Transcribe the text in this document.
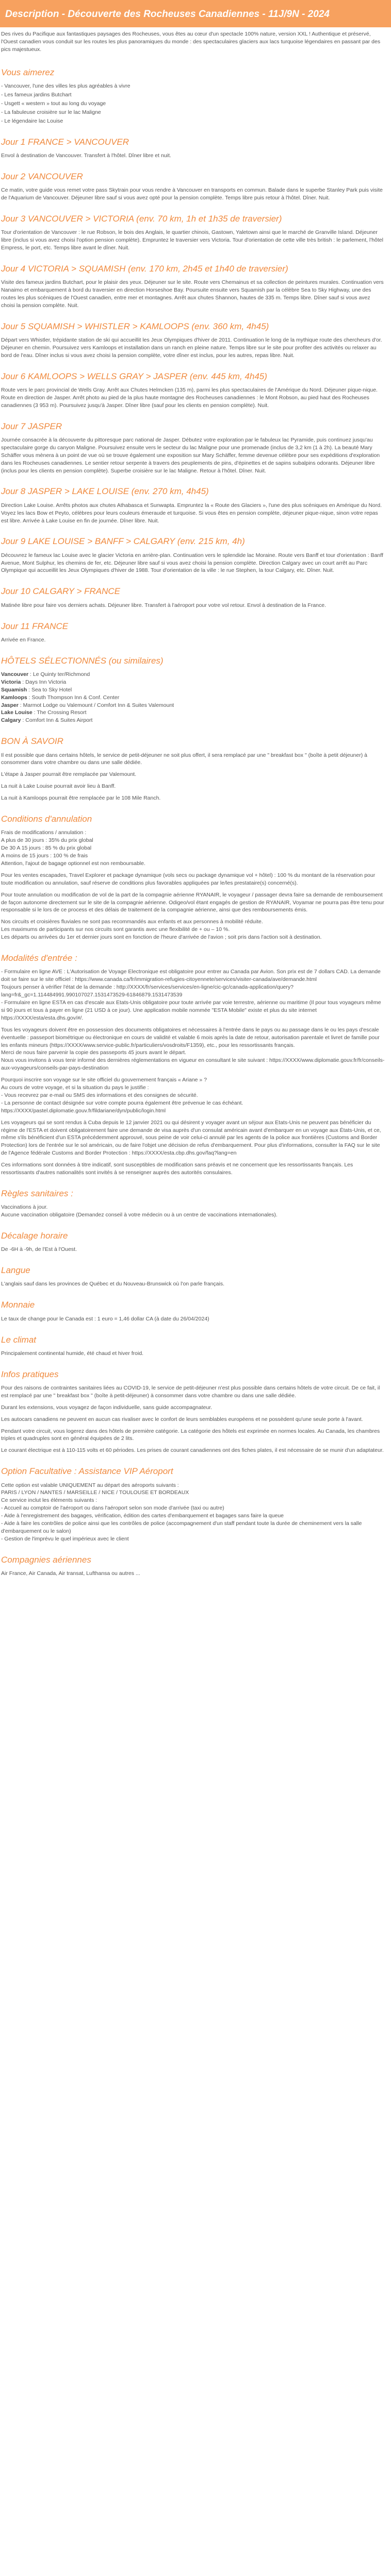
Description - Découverte des Rocheuses Canadiennes - 11J/9N - 2024

Des rives du Pacifique aux fantastiques paysages des Rocheuses, vous êtes au cœur d'un spectacle 100% nature, version XXL ! Authentique et préservé, l'Ouest canadien vous conduit sur les routes les plus panoramiques du monde : des spectaculaires glaciers aux lacs turquoise légendaires en passant par des pics majestueux.

Vous aimerez
- Vancouver, l'une des villes les plus agréables à vivre
- Les fameux jardins Butchart
- Usgett « western » tout au long du voyage
- La fabuleuse croisière sur le lac Maligne
- Le légendaire lac Louise
Jour 1 FRANCE > VANCOUVER

Envol à destination de Vancouver. Transfert à l'hôtel. Dîner libre et nuit.

Jour 2 VANCOUVER

Ce matin, votre guide vous remet votre pass Skytrain pour vous rendre à Vancouver en transports en commun. Balade dans le superbe Stanley Park puis visite de l'Aquarium de Vancouver. Déjeuner libre sauf si vous avez opté pour la pension complète. Temps libre puis retour à l'hôtel. Dîner. Nuit.

Jour 3 VANCOUVER > VICTORIA (env. 70 km, 1h et 1h35 de traversier)

Tour d'orientation de Vancouver : le rue Robson, le bois des Anglais, le quartier chinois, Gastown, Yaletown ainsi que le marché de Granville Island. Déjeuner libre (inclus si vous avez choisi l'option pension complète). Empruntez le traversier vers Victoria. Tour d'orientation de cette ville très british : le parlement, l'hôtel Empress, le port, etc. Temps libre avant le dîner. Nuit.

Jour 4 VICTORIA > SQUAMISH (env. 170 km, 2h45 et 1h40 de traversier)

Visite des fameux jardins Butchart, pour le plaisir des yeux. Déjeuner sur le site. Route vers Chemainus et sa collection de peintures murales. Continuation vers Nanaimo et embarquement à bord du traversier en direction Horseshoe Bay. Poursuite ensuite vers Squamish par la célèbre Sea to Sky Highway, une des routes les plus scéniques de l'Ouest canadien, entre mer et montagnes. Arrêt aux chutes Shannon, hautes de 335 m. Temps libre. Dîner sauf si vous avez choisi la pension complète. Nuit.

Jour 5 SQUAMISH > WHISTLER > KAMLOOPS (env. 360 km, 4h45)

Départ vers Whistler, trépidante station de ski qui accueillit les Jeux Olympiques d'hiver de 2011. Continuation le long de la mythique route des chercheurs d'or. Déjeuner en chemin. Poursuivez vers Kamloops et installation dans un ranch en pleine nature. Temps libre sur le site pour profiter des activités ou relaxer au bord de l'eau. Dîner inclus si vous avez choisi la pension complète, votre dîner est inclus, pour les autres, repas libre. Nuit.

Jour 6 KAMLOOPS > WELLS GRAY > JASPER (env. 445 km, 4h45)

Route vers le parc provincial de Wells Gray. Arrêt aux Chutes Helmcken (135 m), parmi les plus spectaculaires de l'Amérique du Nord. Déjeuner pique-nique. Route en direction de Jasper. Arrêt photo au pied de la plus haute montagne des Rocheuses canadiennes : le Mont Robson, au pied haut des Rocheuses canadiennes (3 953 m). Poursuivez jusqu'à Jasper. Dîner libre (sauf pour les clients en pension complète). Nuit.

Jour 7 JASPER

Journée consacrée à la découverte du pittoresque parc national de Jasper. Débutez votre exploration par le fabuleux lac Pyramide, puis continuez jusqu'au spectaculaire gorge du canyon Maligne. Poursuivez ensuite vers le secteur du lac Maligne pour une promenade (inclus de 3,2 km (1 à 2h). La beauté Mary Schäffer vous mènera à un point de vue où se trouve également une exposition sur Mary Schäffer, femme devenue célèbre pour ses expéditions d'exploration dans les Rocheuses canadiennes. Le sentier retour serpente à travers des peuplements de pins, d'épinettes et de sapins subalpins odorants. Déjeuner libre (inclus pour les clients en pension complète). Superbe croisière sur le lac Maligne. Retour à l'hôtel. Dîner. Nuit.

Jour 8 JASPER > LAKE LOUISE (env. 270 km, 4h45)

Direction Lake Louise. Arrêts photos aux chutes Athabasca et Sunwapta. Empruntez la « Route des Glaciers », l'une des plus scéniques en Amérique du Nord. Voyez les lacs Bow et Peyto, célèbres pour leurs couleurs émeraude et turquoise. Si vous êtes en pension complète, déjeuner pique-nique, sinon votre repas est libre. Arrivée à Lake Louise en fin de journée. Dîner libre. Nuit.

Jour 9 LAKE LOUISE > BANFF > CALGARY (env. 215 km, 4h)

Découvrez le fameux lac Louise avec le glacier Victoria en arrière-plan. Continuation vers le splendide lac Moraine. Route vers Banff et tour d'orientation : Banff Avenue, Mont Sulphur, les chemins de fer, etc. Déjeuner libre sauf si vous avez choisi la pension complète. Direction Calgary avec un court arrêt au Parc Olympique qui accueillit les Jeux Olympiques d'hiver de 1988. Tour d'orientation de la ville : le rue Stephen, la tour Calgary, etc. Dîner. Nuit.

Jour 10 CALGARY > FRANCE

Matinée libre pour faire vos derniers achats. Déjeuner libre. Transfert à l'aéroport pour votre vol retour. Envol à destination de la France.

Jour 11 FRANCE

Arrivée en France.

HÔTELS SÉLECTIONNÉS (ou similaires)
Vancouver : Le Quinty ter/Richmond
Victoria : Days Inn Victoria
Squamish : Sea to Sky Hotel
Kamloops : South Thompson Inn & Conf. Center
Jasper : Marmot Lodge ou Valemount / Comfort Inn & Suites Valemount
Lake Louise : The Crossing Resort
Calgary : Comfort Inn & Suites Airport
BON À SAVOIR

Il est possible que dans certains hôtels, le service de petit-déjeuner ne soit plus offert, il sera remplacé par une " breakfast box " (boîte à petit déjeuner) à consommer dans votre chambre ou dans une salle dédiée.

L'étape à Jasper pourrait être remplacée par Valemount.

La nuit à Lake Louise pourrait avoir lieu à Banff.

La nuit à Kamloops pourrait être remplacée par le 108 Mile Ranch.

Conditions d'annulation

Frais de modifications / annulation :
A plus de 30 jours : 35% du prix global
De 30 A 15 jours : 85 % du prix global
A moins de 15 jours : 100 % de frais
Attention, l'ajout de bagage optionnel est non remboursable.

Pour les ventes escapades, Travel Explorer et package dynamique (vols secs ou package dynamique vol + hôtel) : 100 % du montant de la réservation pour toute modification ou annulation, sauf réserve de conditions plus favorables appliquées par le/les prestataire(s) concerné(s).

Pour toute annulation ou modification de vol de la part de la compagnie aérienne RYANAIR, le voyageur / passager devra faire sa demande de remboursement de façon autonome directement sur le site de la compagnie aérienne. Odigeo/vol étant engagés de gestion de RYANAIR, Voyamar ne pourra pas être tenu pour responsable si le lors de ce process et des délais de traitement de la compagnie aérienne, ainsi que des remboursements émis.

Nos circuits et croisières fluviales ne sont pas recommandés aux enfants et aux personnes à mobilité réduite.
Les maximums de participants sur nos circuits sont garantis avec une flexibilité de + ou – 10 %.
Les départs ou arrivées du 1er et dernier jours sont en fonction de l'heure d'arrivée de l'avion ; soit pris dans l'action soit à destination.

Modalités d'entrée :

- Formulaire en ligne AVE : L'Autorisation de Voyage Electronique est obligatoire pour entrer au Canada par Avion. Son prix est de 7 dollars CAD. La demande doit se faire sur le site officiel : https://www.canada.ca/fr/immigration-refugies-citoyennete/services/visiter-canada/ave/demande.html
Toujours penser à vérifier l'état de la demande : http://XXXX/fr/services/services/en-ligne/cic-gc/canada-application/query?lang=fr&_gc=1.114484991.990107027.1531473529-61846879.1531473539
- Formulaire en ligne ESTA en cas d'escale aux Etats-Unis obligatoire pour toute arrivée par voie terrestre, aérienne ou maritime (Il pour tous voyageurs même si 90 jours et tous à payer en ligne (21 USD à ce jour). Une application mobile nommée "ESTA Mobile" existe et plus du site internet https://XXXX/esta/esta.dhs.gov/#/.

Tous les voyageurs doivent être en possession des documents obligatoires et nécessaires à l'entrée dans le pays ou au passage dans le ou les pays d'escale éventuelle : passeport biométrique ou électronique en cours de validité et valable 6 mois après la date de retour, autorisation parentale et livret de famille pour les enfants mineurs (https://XXXX/www.service-public.fr/particuliers/vosdroits/F1359), etc., pour les ressortissants français.
Merci de nous faire parvenir la copie des passeports 45 jours avant le départ.
Nous vous invitons à vous tenir informé des dernières réglementations en vigueur en consultant le site suivant : https://XXXX/www.diplomatie.gouv.fr/fr/conseils-aux-voyageurs/conseils-par-pays-destination

Pourquoi inscrire son voyage sur le site officiel du gouvernement français « Ariane » ?
Au cours de votre voyage, et si la situation du pays le justifie :
- Vous recevrez par e-mail ou SMS des informations et des consignes de sécurité.
- La personne de contact désignée sur votre compte pourra également être prévenue le cas échéant.
https://XXXX/pastel.diplomatie.gouv.fr/fildariane/dyn/public/login.html

Les voyageurs qui se sont rendus à Cuba depuis le 12 janvier 2021 ou qui désirent y voyager avant un séjour aux Etats-Unis ne peuvent pas bénéficier du régime de l'ESTA et doivent obligatoirement faire une demande de visa auprès d'un consulat américain avant d'embarquer en un voyage aux États-Unis, et ce, même s'ils bénéficient d'un ESTA précédemment approuvé, sous peine de voir celui-ci annulé par les agents de la police aux frontières (Customs and Border Protection) lors de l'entrée sur le sol américain, ou de faire l'objet une décision de refus d'embarquement. Pour plus d'informations, consulter la FAQ sur le site de l'Agence fédérale Customs and Border Protection : https://XXXX/esta.cbp.dhs.gov/faq?lang=en

Ces informations sont données à titre indicatif, sont susceptibles de modification sans préavis et ne concernent que les ressortissants français. Les ressortissants d'autres nationalités sont invités à se renseigner auprès des autorités consulaires.

Règles sanitaires :

Vaccinations à jour.
Aucune vaccination obligatoire (Demandez conseil à votre médecin ou à un centre de vaccinations internationales).

Décalage horaire

De -6H à -9h, de l'Est à l'Ouest.

Langue

L'anglais sauf dans les provinces de Québec et du Nouveau-Brunswick où l'on parle français.

Monnaie

Le taux de change pour le Canada est : 1 euro = 1,46 dollar CA (à date du 26/04/2024)

Le climat

Principalement continental humide, été chaud et hiver froid.

Infos pratiques

Pour des raisons de contraintes sanitaires liées au COVID-19, le service de petit-déjeuner n'est plus possible dans certains hôtels de votre circuit. De ce fait, il est remplacé par une " breakfast box " (boîte à petit-déjeuner) à consommer dans votre chambre ou dans une salle dédiée.

Durant les extensions, vous voyagez de façon individuelle, sans guide accompagnateur.

Les autocars canadiens ne peuvent en aucun cas rivaliser avec le confort de leurs semblables européens et ne possèdent qu'une seule porte à l'avant.

Pendant votre circuit, vous logerez dans des hôtels de première catégorie. La catégorie des hôtels est exprimée en normes locales. Au Canada, les chambres triples et quadruples sont en général équipées de 2 lits.

Le courant électrique est à 110-115 volts et 60 périodes. Les prises de courant canadiennes ont des fiches plates, il est nécessaire de se munir d'un adaptateur.

Option Facultative : Assistance VIP Aéroport

Cette option est valable UNIQUEMENT au départ des aéroports suivants :
PARIS / LYON / NANTES / MARSEILLE / NICE / TOULOUSE ET BORDEAUX
Ce service inclut les éléments suivants :
- Accueil au comptoir de l'aéroport ou dans l'aéroport selon son mode d'arrivée (taxi ou autre)
- Aide à l'enregistrement des bagages, vérification, édition des cartes d'embarquement et bagages sans faire la queue
- Aide à faire les contrôles de police ainsi que les contrôles de police (accompagnement d'un staff pendant toute la durée de cheminement vers la salle d'embarquement ou le salon)
- Gestion de l'imprévu le quel impérieux avec le client

Compagnies aériennes

Air France, Air Canada, Air transat, Lufthansa ou autres ...
